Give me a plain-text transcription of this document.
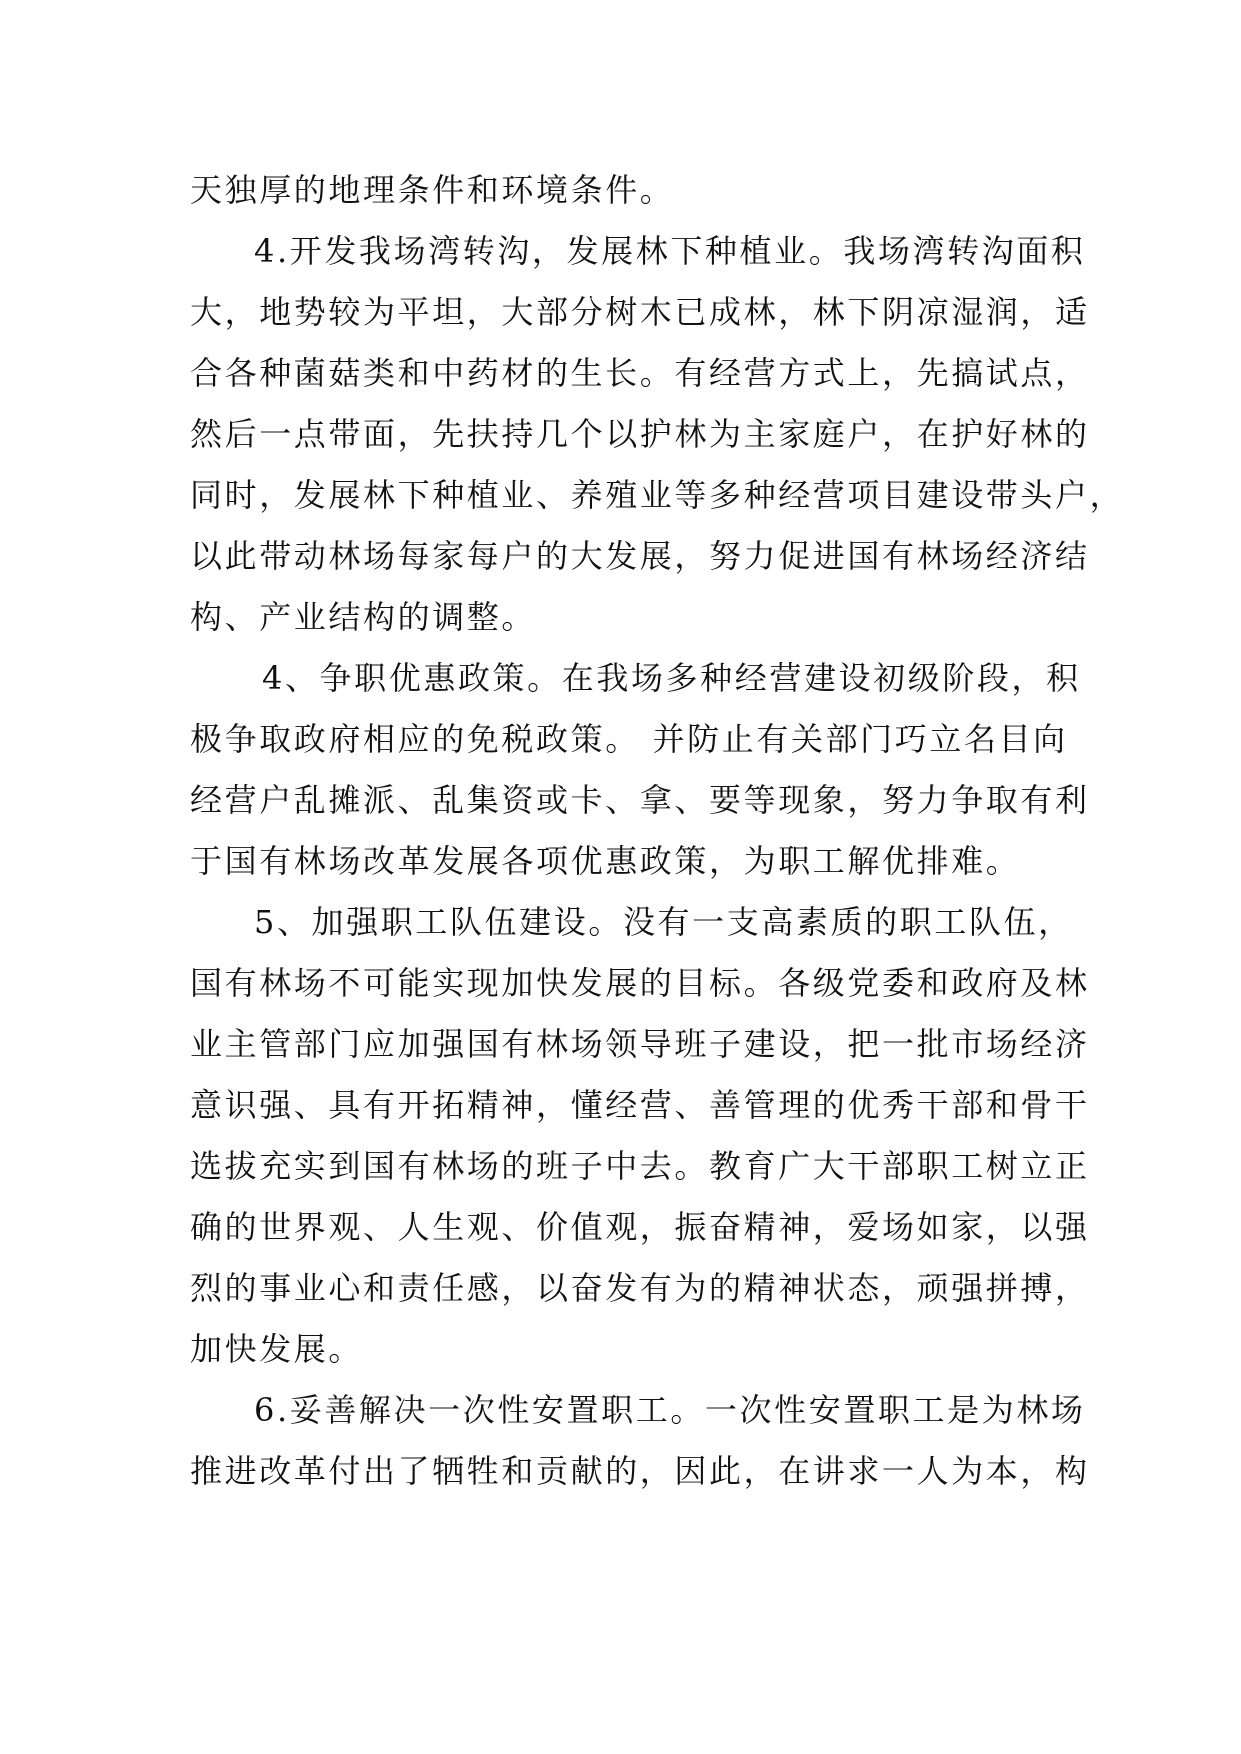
天独厚的地理条件和环境条件。
4.开发我场湾转沟，发展林下种植业。我场湾转沟面积
大，地势较为平坦，大部分树木已成林，林下阴凉湿润，适
合各种菌菇类和中药材的生长。有经营方式上，先搞试点，
然后一点带面，先扶持几个以护林为主家庭户，在护好林的
同时，发展林下种植业、养殖业等多种经营项目建设带头户，
以此带动林场每家每户的大发展，努力促进国有林场经济结
构、产业结构的调整。
4、争职优惠政策。在我场多种经营建设初级阶段，积
极争取政府相应的免税政策。 并防止有关部门巧立名目向
经营户乱摊派、乱集资或卡、拿、要等现象，努力争取有利
于国有林场改革发展各项优惠政策，为职工解优排难。
5、加强职工队伍建设。没有一支高素质的职工队伍，
国有林场不可能实现加快发展的目标。各级党委和政府及林
业主管部门应加强国有林场领导班子建设，把一批市场经济
意识强、具有开拓精神，懂经营、善管理的优秀干部和骨干
选拔充实到国有林场的班子中去。教育广大干部职工树立正
确的世界观、人生观、价值观，振奋精神，爱场如家，以强
烈的事业心和责任感，以奋发有为的精神状态，顽强拼搏，
加快发展。
6.妥善解决一次性安置职工。一次性安置职工是为林场
推进改革付出了牺牲和贡献的，因此，在讲求一人为本，构
